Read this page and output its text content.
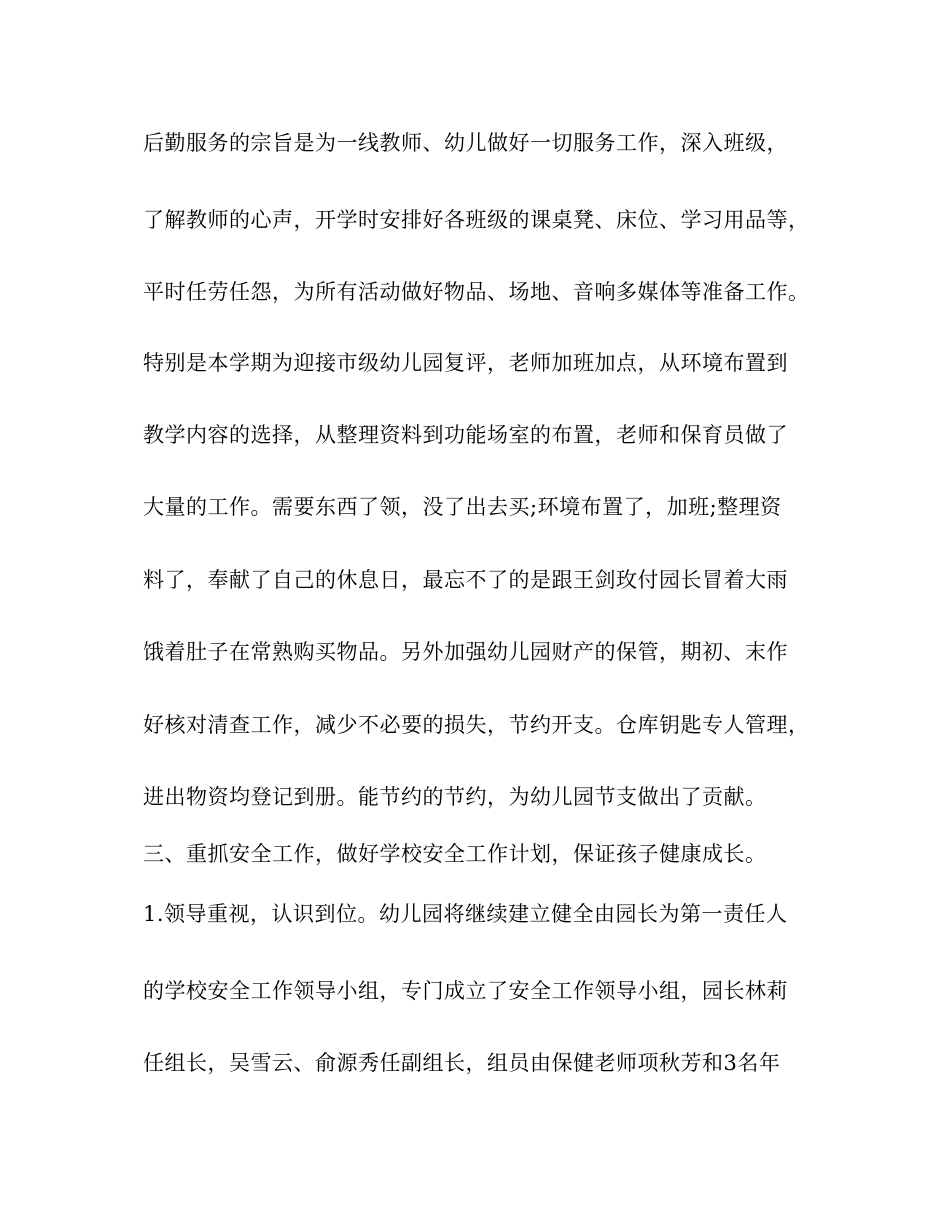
后勤服务的宗旨是为一线教师、幼儿做好一切服务工作，深入班级，
了解教师的心声，开学时安排好各班级的课桌凳、床位、学习用品等，
平时任劳任怨，为所有活动做好物品、场地、音响多媒体等准备工作。
特别是本学期为迎接市级幼儿园复评，老师加班加点，从环境布置到
教学内容的选择，从整理资料到功能场室的布置，老师和保育员做了
大量的工作。需要东西了领，没了出去买;环境布置了，加班;整理资
料了，奉献了自己的休息日，最忘不了的是跟王剑玫付园长冒着大雨
饿着肚子在常熟购买物品。另外加强幼儿园财产的保管，期初、末作
好核对清查工作，减少不必要的损失，节约开支。仓库钥匙专人管理，
进出物资均登记到册。能节约的节约，为幼儿园节支做出了贡献。
三、重抓安全工作，做好学校安全工作计划，保证孩子健康成长。
1.领导重视，认识到位。幼儿园将继续建立健全由园长为第一责任人
的学校安全工作领导小组，专门成立了安全工作领导小组，园长林莉
任组长，吴雪云、俞源秀任副组长，组员由保健老师项秋芳和3名年
